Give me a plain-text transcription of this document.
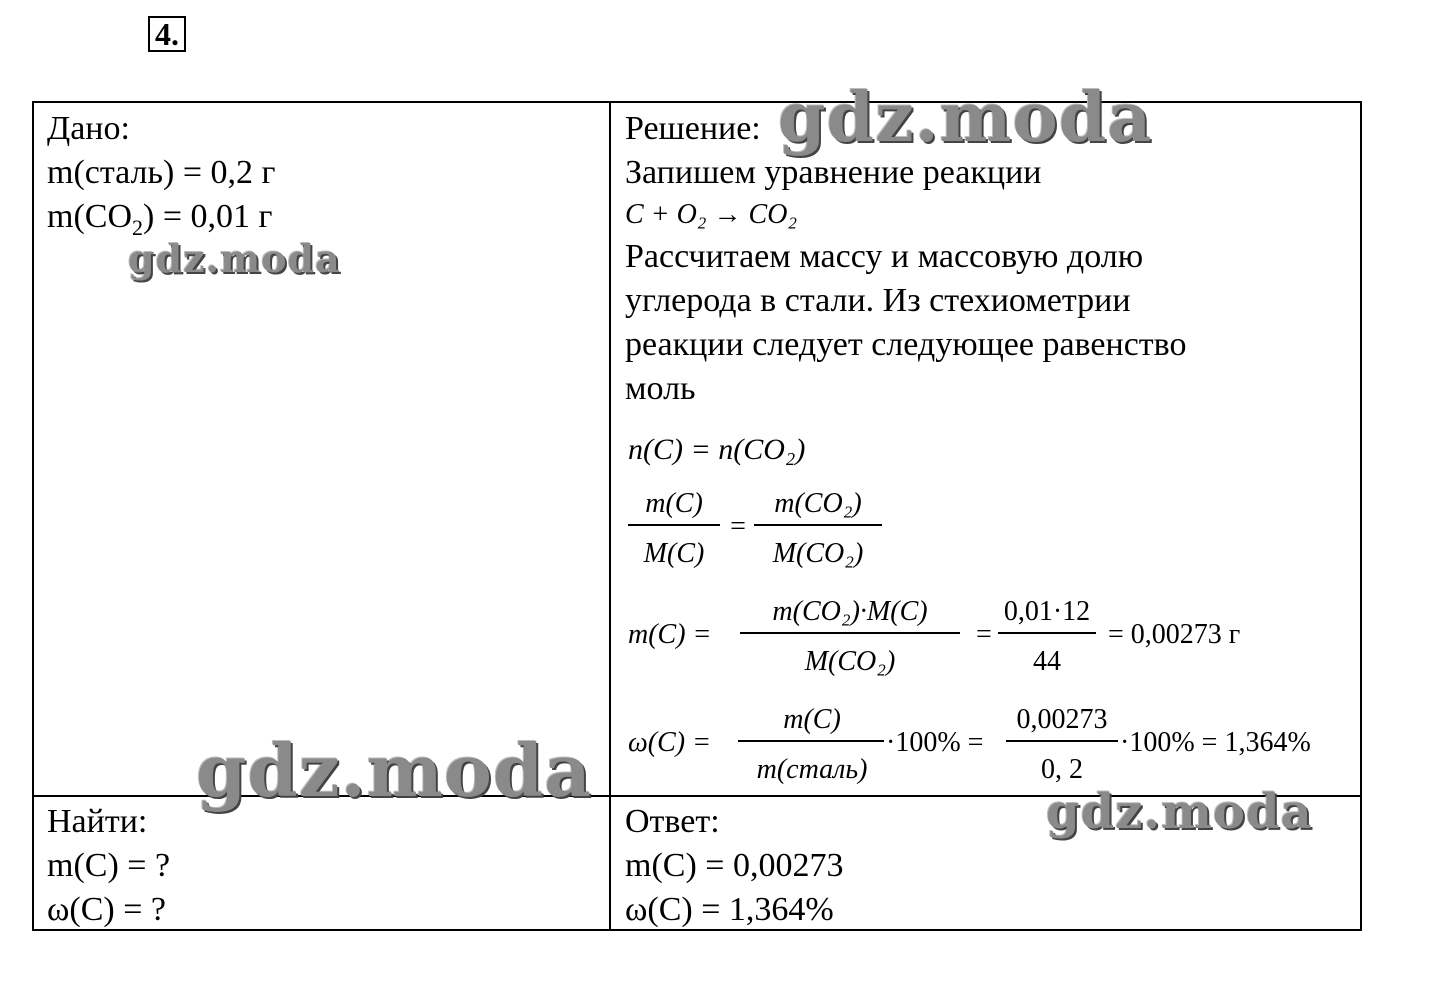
4.

Дано:

m(сталь) = 0,2 г

$m(CO_2) = 0,01$ г

Найти:

m(C) = ?

ω(C) = ?

Решение:

Запишем уравнение реакции

C + O₂ → CO₂

Рассчитаем массу и массовую долю

углерода в стали. Из стехиометрии

реакции следует следующее равенство

моль

Ответ:

m(C) = 0,00273

ω(C) = 1,364%

n(C) = n(CO₂)
m(C)
M(C)
=
m(CO₂)
M(CO₂)
m(C) =
m(CO₂)·M(C)
M(CO₂)
=
0,01·12
44
= 0,00273 г
ω(C) =
m(C)
m(сталь)
·100% =
0,00273
0, 2
·100% = 1,364%
gdz.moda
gdz.moda
gdz.moda	gdz.moda
